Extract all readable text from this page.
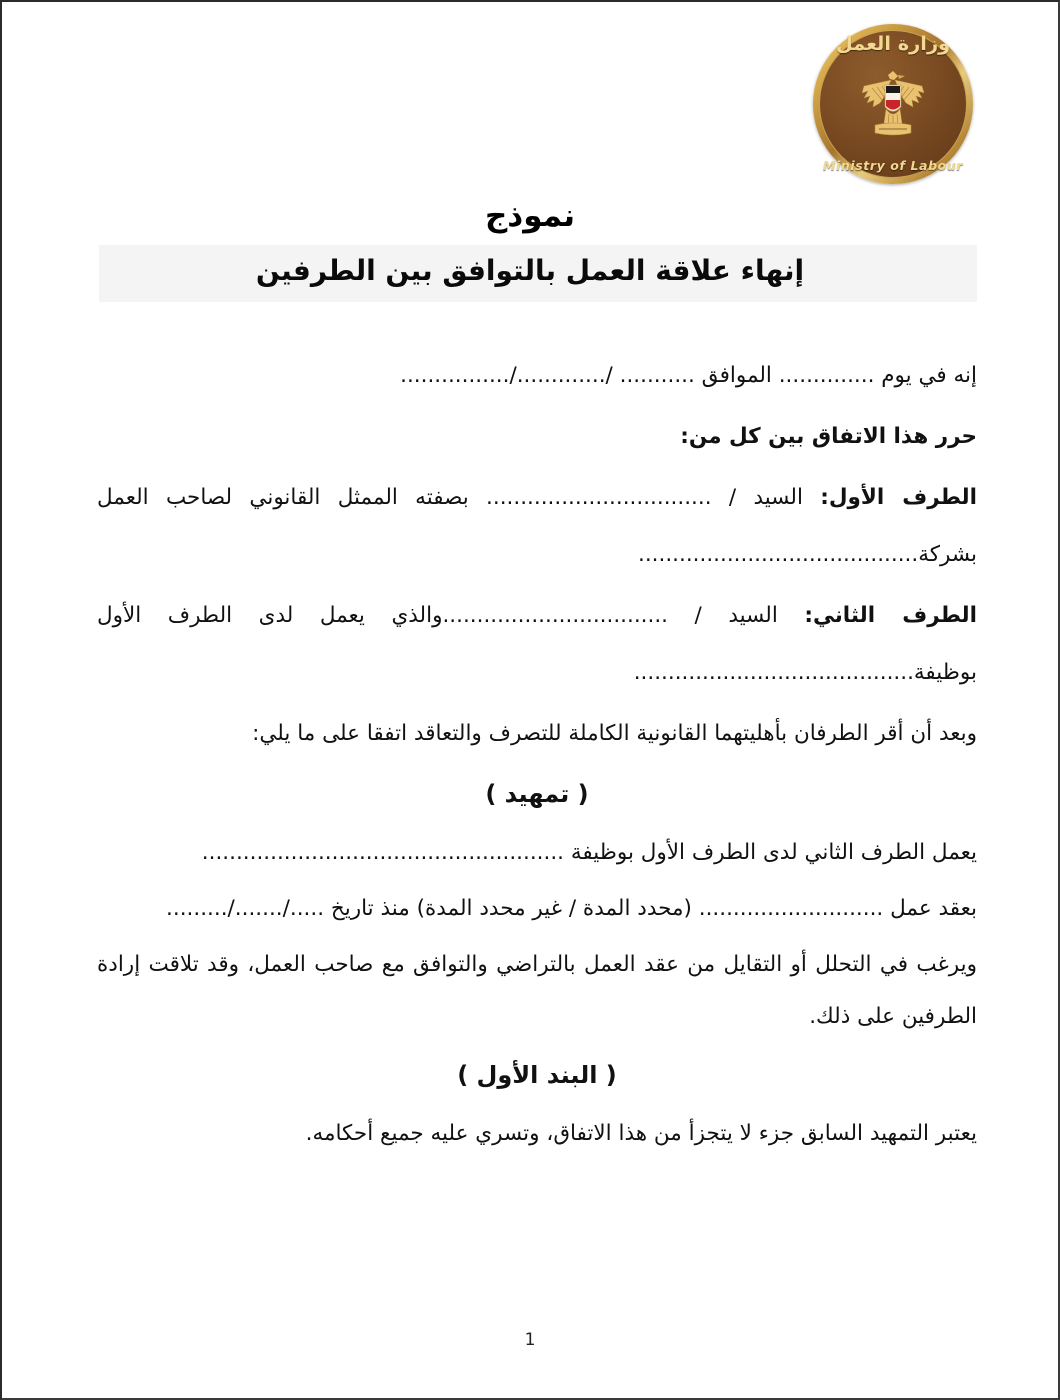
وزارة العمل
Ministry of Labour
نموذج
إنهاء علاقة العمل بالتوافق بين الطرفين

إنه في يوم .............. الموافق ........... /............./................

حرر هذا الاتفاق بين كل من:

الطرف الأول: السيد / ................................. بصفته الممثل القانوني لصاحب العمل بشركة.........................................

الطرف الثاني: السيد / .................................والذي يعمل لدى الطرف الأول بوظيفة.........................................

وبعد أن أقر الطرفان بأهليتهما القانونية الكاملة للتصرف والتعاقد اتفقا على ما يلي:

( تمهيد )

يعمل الطرف الثاني لدى الطرف الأول بوظيفة .....................................................

بعقد عمل ........................... (محدد المدة / غير محدد المدة) منذ تاريخ ...../......./.........

ويرغب في التحلل أو التقايل من عقد العمل بالتراضي والتوافق مع صاحب العمل، وقد تلاقت إرادة الطرفين على ذلك.

( البند الأول )

يعتبر التمهيد السابق جزء لا يتجزأ من هذا الاتفاق، وتسري عليه جميع أحكامه.

1
